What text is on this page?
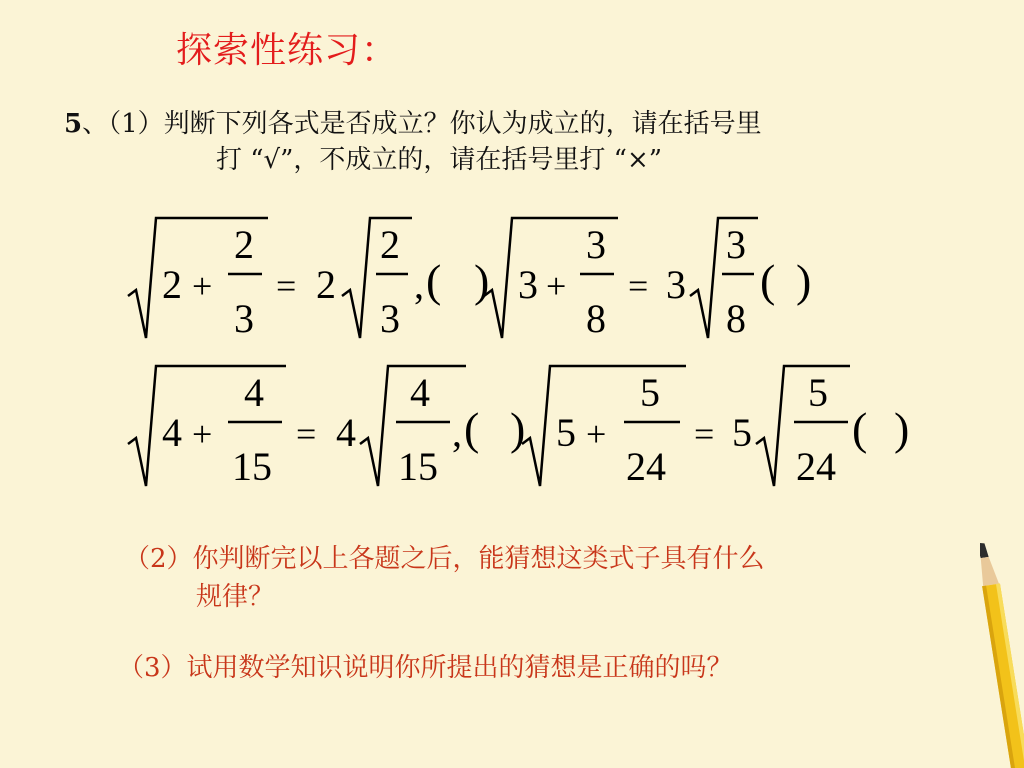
探索性练习：
5、（1）判断下列各式是否成立？你认为成立的，请在括号里
打 “√”，不成立的，请在括号里打 “×”
2 +
2
3
= 2
2
3
, ( ) 3 +
3
8
= 3
3
8
( )
4 +
4
15
= 4
4
15
, ( ) 5 +
5
24
= 5
5
24
( )
（2）你判断完以上各题之后，能猜想这类式子具有什么
规律？
（3）试用数学知识说明你所提出的猜想是正确的吗？
